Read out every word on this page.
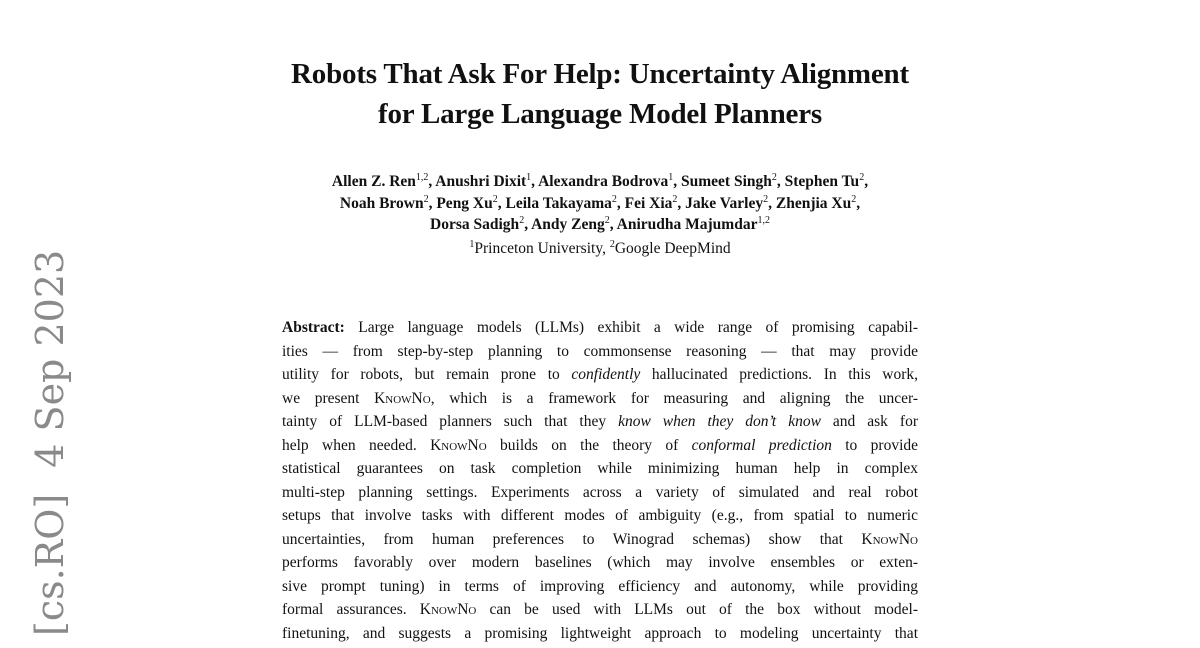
Robots That Ask For Help: Uncertainty Alignment
for Large Language Model Planners
Allen Z. Ren$^{1,2}$, Anushri Dixit$^1$, Alexandra Bodrova$^1$, Sumeet Singh$^2$, Stephen Tu$^2$,
Noah Brown$^2$, Peng Xu$^2$, Leila Takayama$^2$, Fei Xia$^2$, Jake Varley$^2$, Zhenjia Xu$^2$,
Dorsa Sadigh$^2$, Andy Zeng$^2$, Anirudha Majumdar$^{1,2}$
$^1$Princeton University, $^2$Google DeepMind
[cs.RO]4 Sep 2023	Abstract: Large language models (LLMs) exhibit a wide range of promising capabil-
ities — from step-by-step planning to commonsense reasoning — that may provide
utility for robots, but remain prone to confidently hallucinated predictions. In this work,
we present KnowNo, which is a framework for measuring and aligning the uncer-
tainty of LLM-based planners such that they know when they don’t know and ask for
help when needed. KnowNo builds on the theory of conformal prediction to provide
statistical guarantees on task completion while minimizing human help in complex
multi-step planning settings. Experiments across a variety of simulated and real robot
setups that involve tasks with different modes of ambiguity (e.g., from spatial to numeric
uncertainties, from human preferences to Winograd schemas) show that KnowNo
performs favorably over modern baselines (which may involve ensembles or exten-
sive prompt tuning) in terms of improving efficiency and autonomy, while providing
formal assurances. KnowNo can be used with LLMs out of the box without model-
finetuning, and suggests a promising lightweight approach to modeling uncertainty that
